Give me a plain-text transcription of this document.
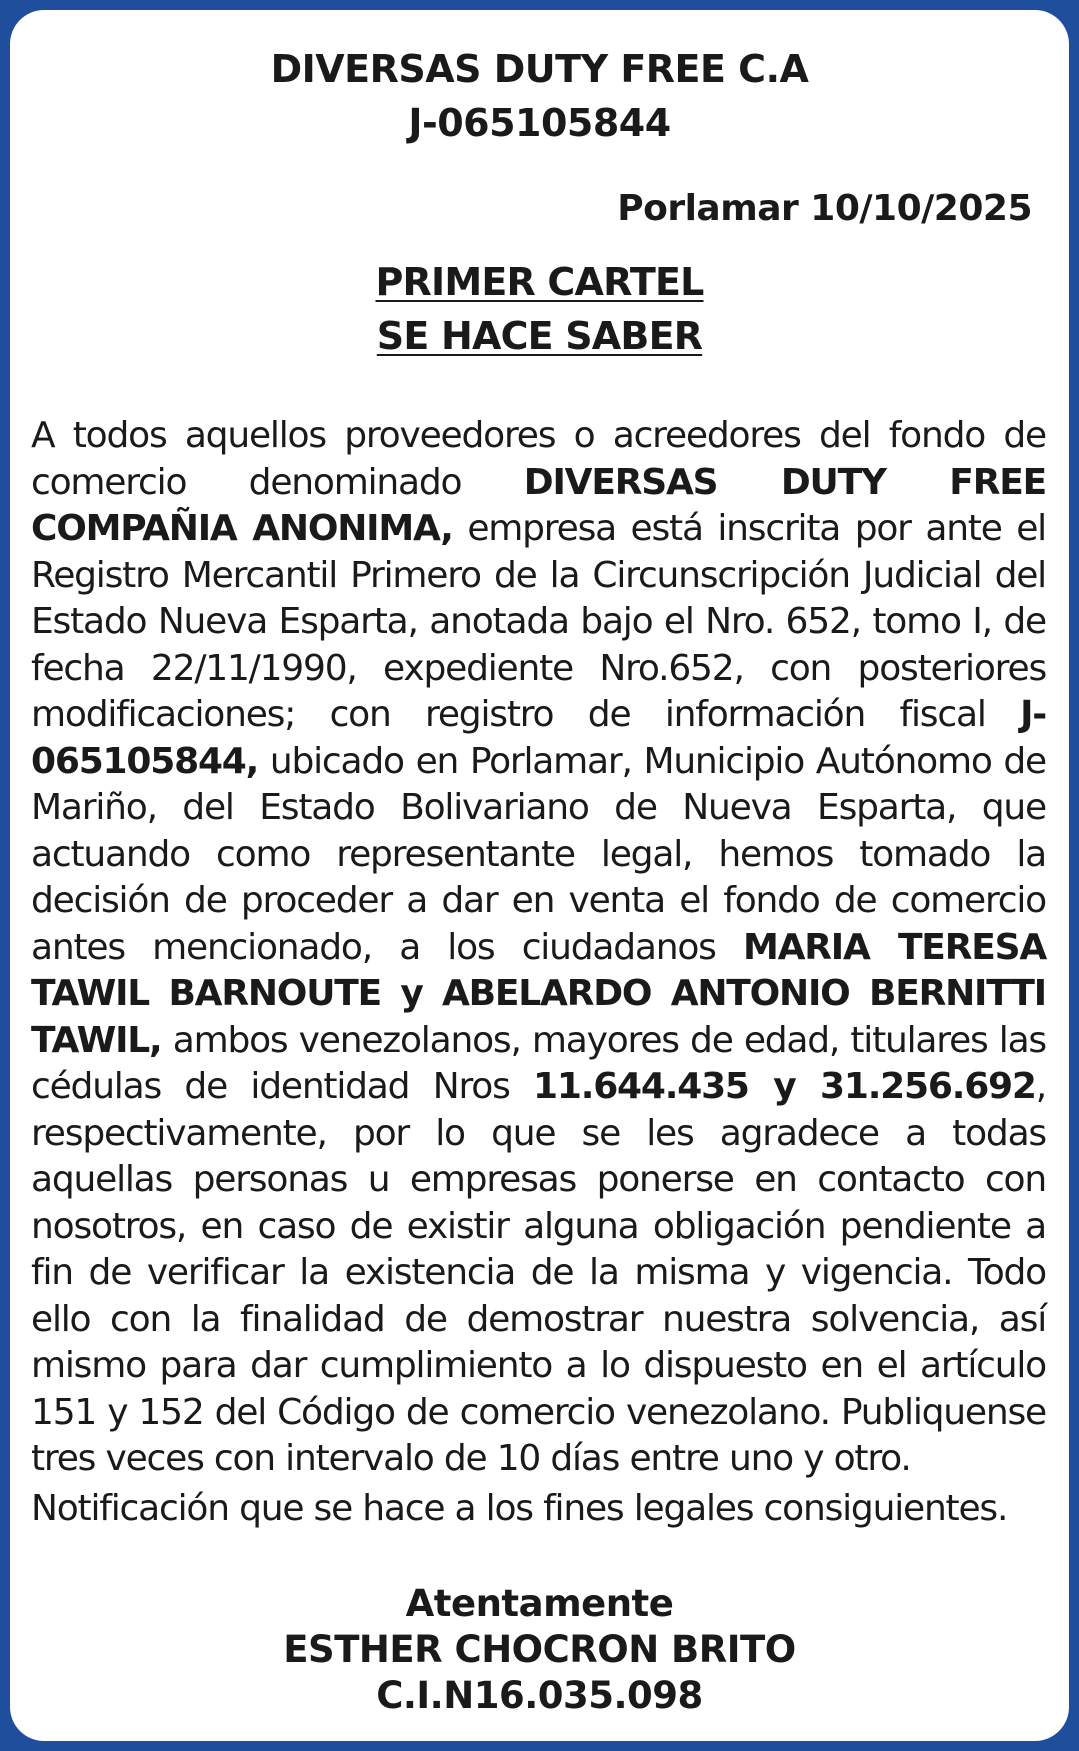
DIVERSAS DUTY FREE C.A
J-065105844
Porlamar 10/10/2025
PRIMER CARTEL
SE HACE SABER

A todos aquellos proveedores o acreedores del fondo de comercio denominado DIVERSAS DUTY FREE COMPAÑIA ANONIMA, empresa está inscrita por ante el Registro Mercantil Primero de la Circunscripción Judicial del Estado Nueva Esparta, anotada bajo el Nro. 652, tomo I, de fecha 22/11/1990, expediente Nro.652, con posteriores modificaciones; con registro de información fiscal J-065105844, ubicado en Porlamar, Municipio Autónomo de Mariño, del Estado Bolivariano de Nueva Esparta, que actuando como representante legal, hemos tomado la decisión de proceder a dar en venta el fondo de comercio antes mencionado, a los ciudadanos MARIA TERESA TAWIL BARNOUTE y ABELARDO ANTONIO BERNITTI TAWIL, ambos venezolanos, mayores de edad, titulares las cédulas de identidad Nros 11.644.435 y 31.256.692, respectivamente, por lo que se les agradece a todas aquellas personas u empresas ponerse en contacto con nosotros, en caso de existir alguna obligación pendiente a fin de verificar la existencia de la misma y vigencia. Todo ello con la finalidad de demostrar nuestra solvencia, así mismo para dar cumplimiento a lo dispuesto en el artículo 151 y 152 del Código de comercio venezolano. Publiquense tres veces con intervalo de 10 días entre uno y otro.

Notificación que se hace a los fines legales consiguientes.

Atentamente
ESTHER CHOCRON BRITO
C.I.N16.035.098
